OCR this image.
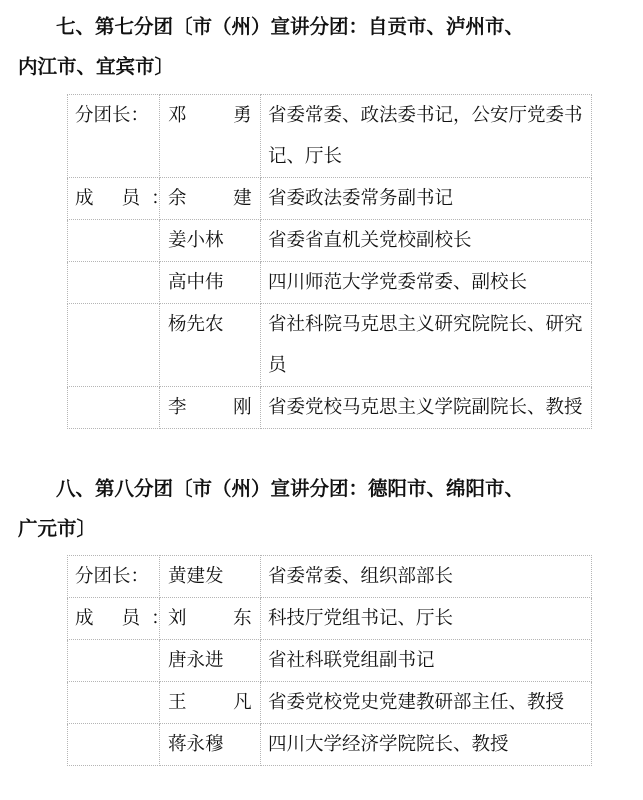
七、第七分团〔市（州）宣讲分团：自贡市、泸州市、
内江市、宜宾市〕
分团长：	邓 勇	省委常委、政法委书记，公安厅党委书记、厅长
成 员：	余 建	省委政法委常务副书记
	姜小林	省委省直机关党校副校长
	高中伟	四川师范大学党委常委、副校长
	杨先农	省社科院马克思主义研究院院长、研究员
	李 刚	省委党校马克思主义学院副院长、教授
八、第八分团〔市（州）宣讲分团：德阳市、绵阳市、
广元市〕
分团长：	黄建发	省委常委、组织部部长
成 员：	刘 东	科技厅党组书记、厅长
	唐永进	省社科联党组副书记
	王 凡	省委党校党史党建教研部主任、教授
	蒋永穆	四川大学经济学院院长、教授
